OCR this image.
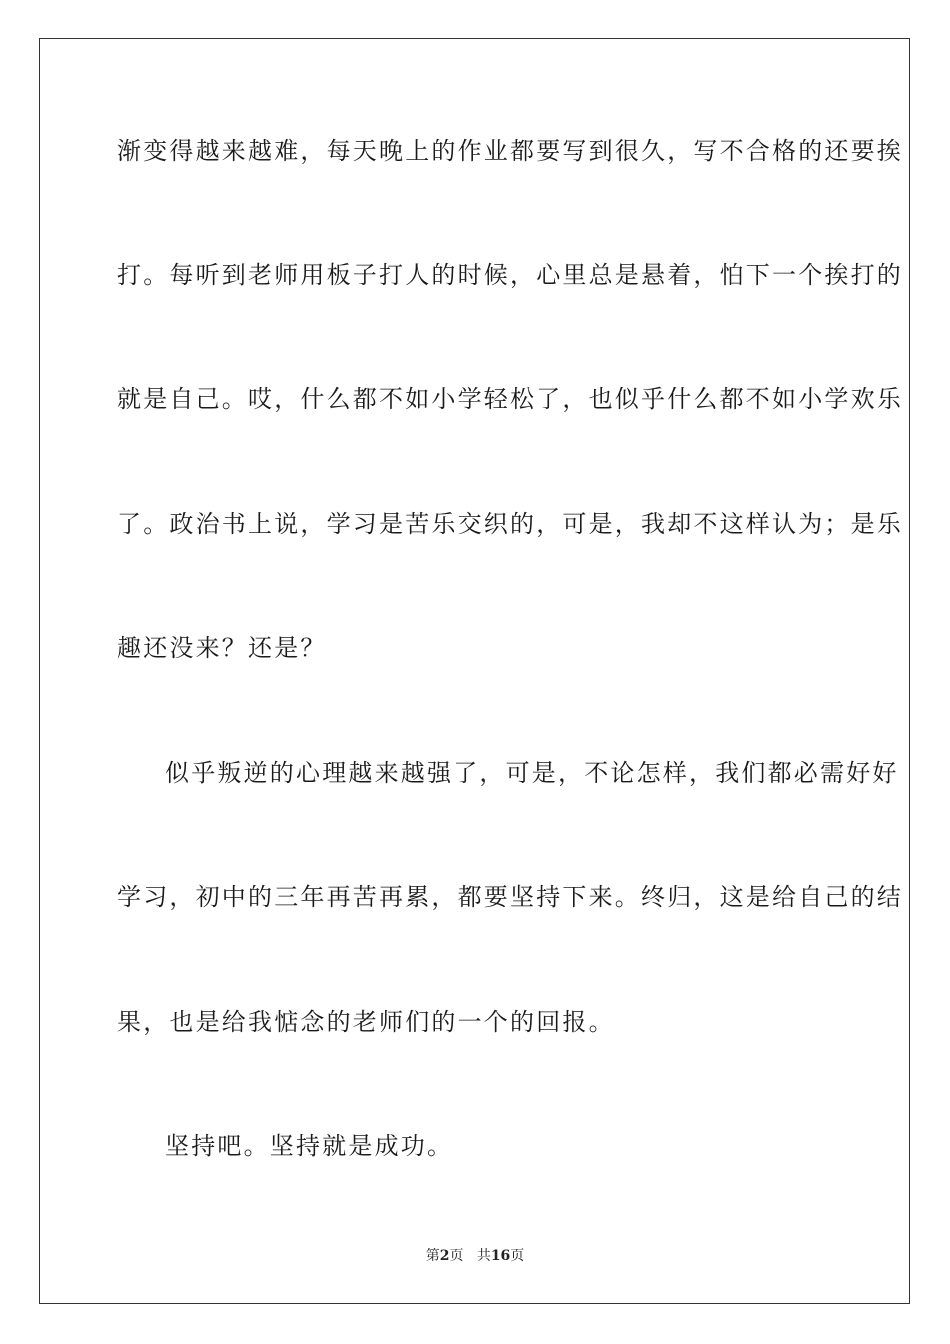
渐变得越来越难，每天晚上的作业都要写到很久，写不合格的还要挨
打。每听到老师用板子打人的时候，心里总是悬着，怕下一个挨打的
就是自己。哎，什么都不如小学轻松了，也似乎什么都不如小学欢乐
了。政治书上说，学习是苦乐交织的，可是，我却不这样认为；是乐
趣还没来？还是？
似乎叛逆的心理越来越强了，可是，不论怎样，我们都必需好好
学习，初中的三年再苦再累，都要坚持下来。终归，这是给自己的结
果，也是给我惦念的老师们的一个的回报。
坚持吧。坚持就是成功。
第2页 共16页
